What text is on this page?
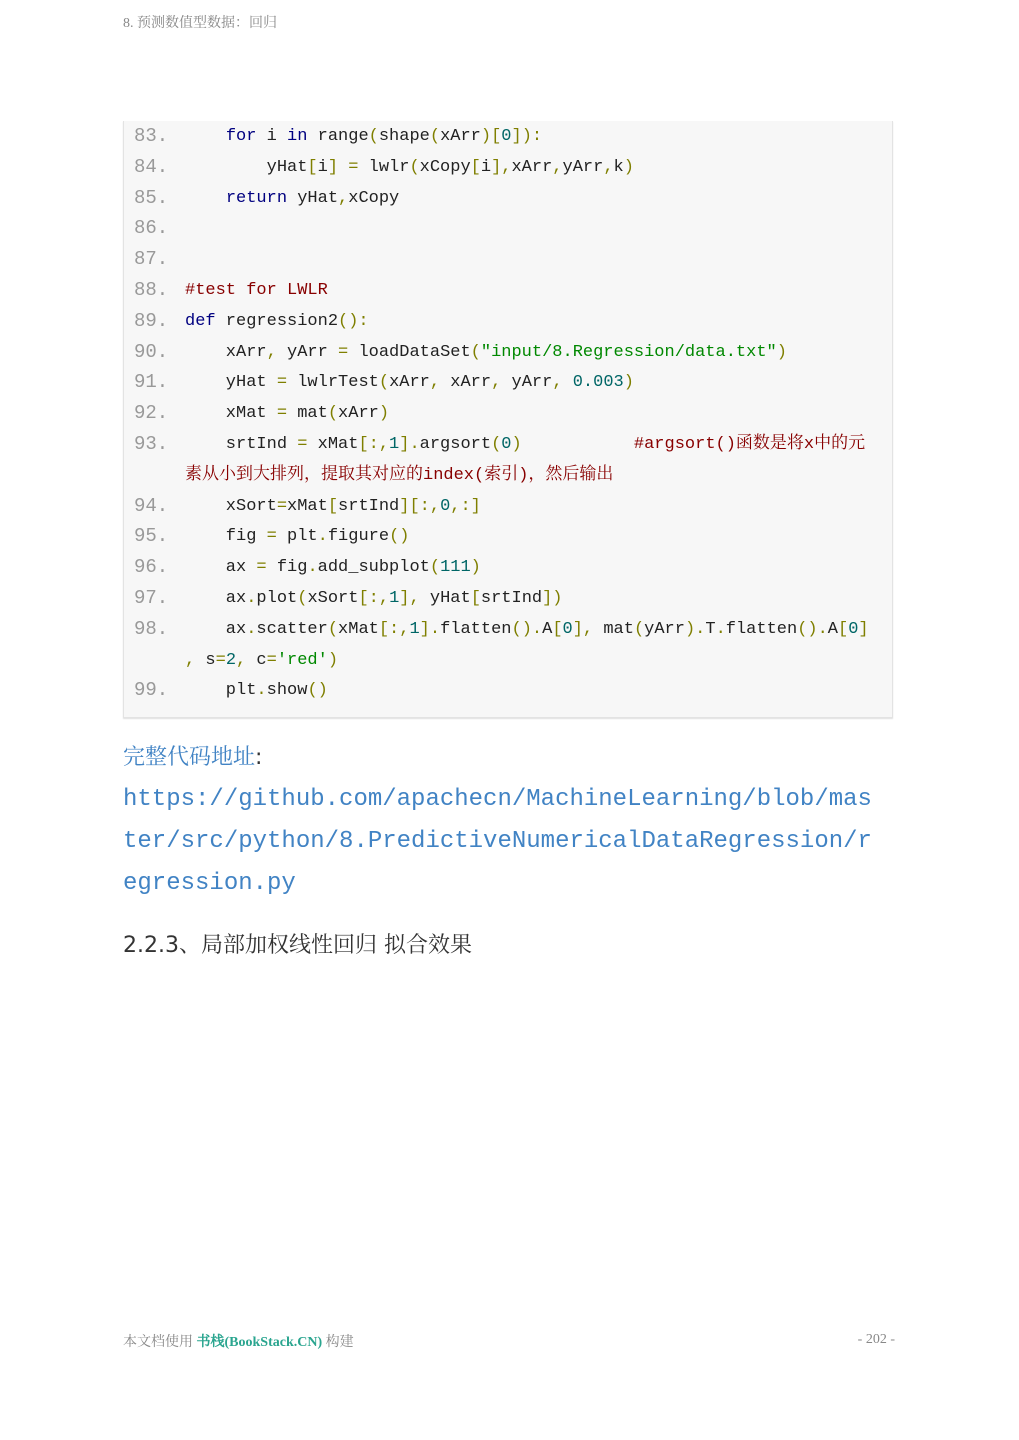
8. 预测数值型数据：回归
83.	for i in range(shape(xArr)[0]):
84. yHat[i] = lwlr(xCopy[i],xArr,yArr,k)
85.	return yHat,xCopy
86.
87.
88. #test for LWLR
89. def regression2():
90. xArr, yArr = loadDataSet("input/8.Regression/data.txt")
91. yHat = lwlrTest(xArr, xArr, yArr, 0.003)
92. xMat = mat(xArr)
93. srtInd = xMat[:,1].argsort(0)	#argsort()函数是将x中的元
素从小到大排列，提取其对应的index(索引)，然后输出
94. xSort=xMat[srtInd][:,0,:]
95. fig = plt.figure()
96. ax = fig.add_subplot(111)
97. ax.plot(xSort[:,1], yHat[srtInd])
98. ax.scatter(xMat[:,1].flatten().A[0], mat(yArr).T.flatten().A[0]
, s=2, c='red')
99. plt.show()
完整代码地址:
https://github.com/apachecn/MachineLearning/blob/mas
ter/src/python/8.PredictiveNumericalDataRegression/r
egression.py
2.2.3、局部加权线性回归 拟合效果
本文档使用 书栈(BookStack.CN) 构建	- 202 -
